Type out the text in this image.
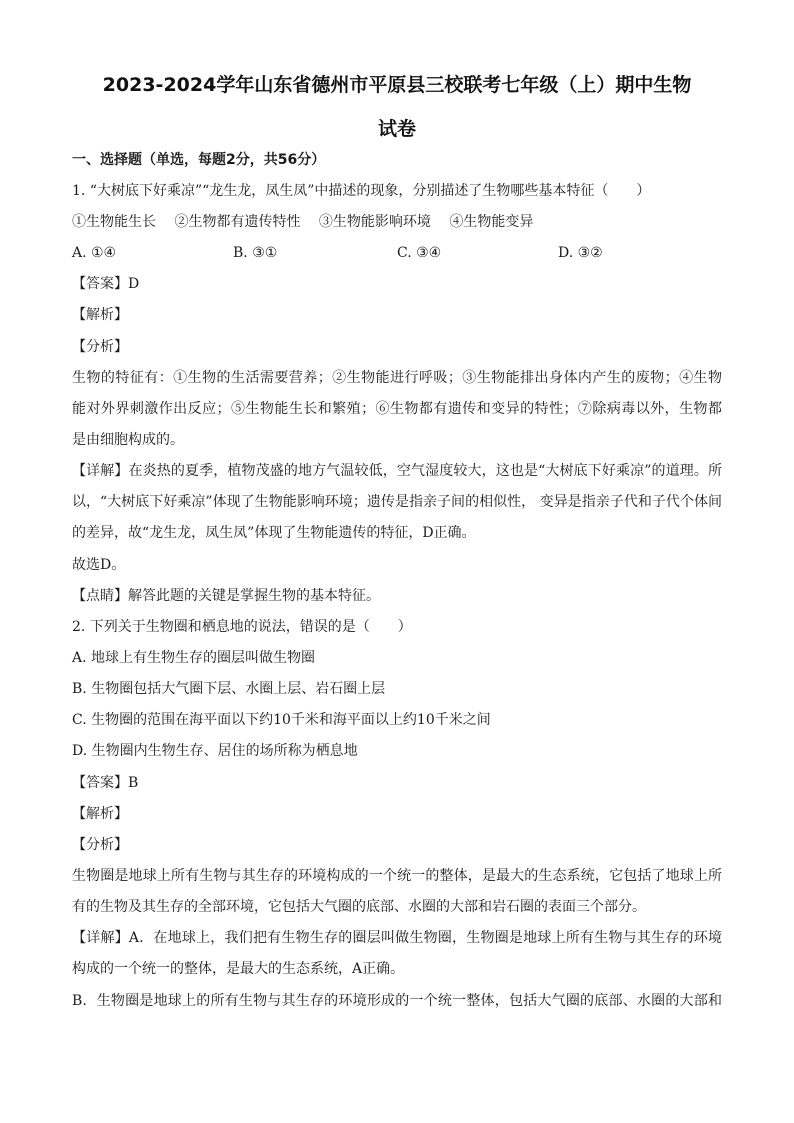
2023-2024学年山东省德州市平原县三校联考七年级（上）期中生物
试卷
一、选择题（单选，每题2分，共56分）
1. “大树底下好乘凉”“龙生龙，凤生凤”中描述的现象，分别描述了生物哪些基本特征（　　）
①生物能生长　 ②生物都有遗传特性　 ③生物能影响环境　 ④生物能变异
A. ①④	B. ③①	C. ③④	D. ③②
【答案】D
【解析】
【分析】
生物的特征有：①生物的生活需要营养；②生物能进行呼吸；③生物能排出身体内产生的废物；④生物
能对外界刺激作出反应；⑤生物能生长和繁殖；⑥生物都有遗传和变异的特性；⑦除病毒以外，生物都
是由细胞构成的。
【详解】在炎热的夏季，植物茂盛的地方气温较低，空气湿度较大，这也是“大树底下好乘凉”的道理。所
以，“大树底下好乘凉”体现了生物能影响环境；遗传是指亲子间的相似性， 变异是指亲子代和子代个体间
的差异，故“龙生龙，凤生凤”体现了生物能遗传的特征，D正确。
故选D。
【点睛】解答此题的关键是掌握生物的基本特征。
2. 下列关于生物圈和栖息地的说法，错误的是（　　）
A. 地球上有生物生存的圈层叫做生物圈
B. 生物圈包括大气圈下层、水圈上层、岩石圈上层
C. 生物圈的范围在海平面以下约10千米和海平面以上约10千米之间
D. 生物圈内生物生存、居住的场所称为栖息地
【答案】B
【解析】
【分析】
生物圈是地球上所有生物与其生存的环境构成的一个统一的整体，是最大的生态系统，它包括了地球上所
有的生物及其生存的全部环境，它包括大气圈的底部、水圈的大部和岩石圈的表面三个部分。
【详解】A．在地球上，我们把有生物生存的圈层叫做生物圈，生物圈是地球上所有生物与其生存的环境
构成的一个统一的整体，是最大的生态系统，A正确。
B．生物圈是地球上的所有生物与其生存的环境形成的一个统一整体，包括大气圈的底部、水圈的大部和
